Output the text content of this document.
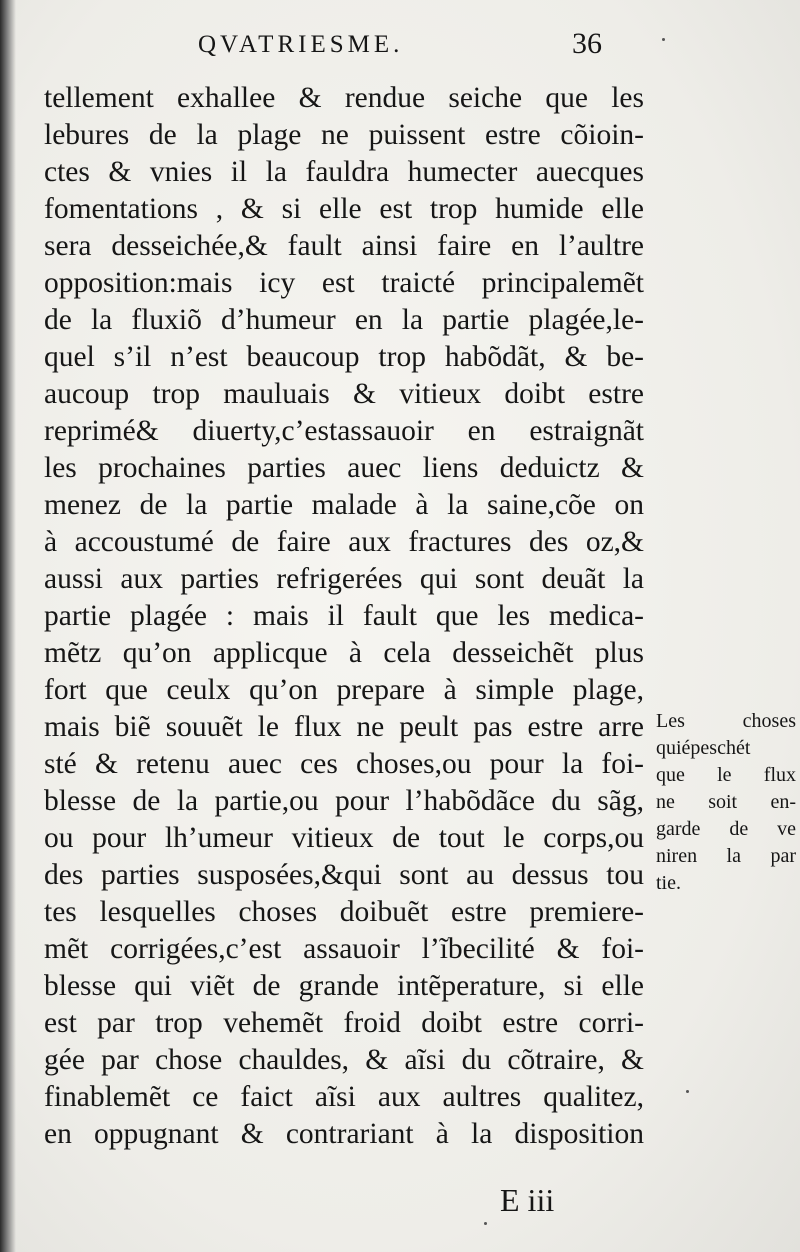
QVATRIESME.	36
tellement exhallee & rendue seiche que les
lebures de la plage ne puissent estre cõioin-
ctes & vnies il la fauldra humecter auecques
fomentations , & si elle est trop humide elle
sera desseichée,& fault ainsi faire en l’aultre
opposition:mais icy est traicté principalemẽt
de la fluxiõ d’humeur en la partie plagée,le-
quel s’il n’est beaucoup trop habõdãt, & be-
aucoup trop mauluais & vitieux doibt estre
reprimé& diuerty,c’estassauoir en estraignãt
les prochaines parties auec liens deduictz &
menez de la partie malade à la saine,cõe on
à accoustumé de faire aux fractures des oz,&
aussi aux parties refrigerées qui sont deuãt la
partie plagée : mais il fault que les medica-
mẽtz qu’on applicque à cela desseichẽt plus
fort que ceulx qu’on prepare à simple plage,
mais biẽ souuẽt le flux ne peult pas estre arre
sté & retenu auec ces choses,ou pour la foi-
blesse de la partie,ou pour l’habõdãce du sãg,
ou pour lh’umeur vitieux de tout le corps,ou
des parties susposées,&qui sont au dessus tou
tes lesquelles choses doibuẽt estre premiere-
mẽt corrigées,c’est assauoir l’ĩbecilité & foi-
blesse qui viẽt de grande intẽperature, si elle
est par trop vehemẽt froid doibt estre corri-
gée par chose chauldes, & aĩsi du cõtraire, &
finablemẽt ce faict aĩsi aux aultres qualitez,
en oppugnant & contrariant à la disposition
Les choses
quiépeschét
que le flux
ne soit en-
garde de ve
niren la par
tie.
E iii
